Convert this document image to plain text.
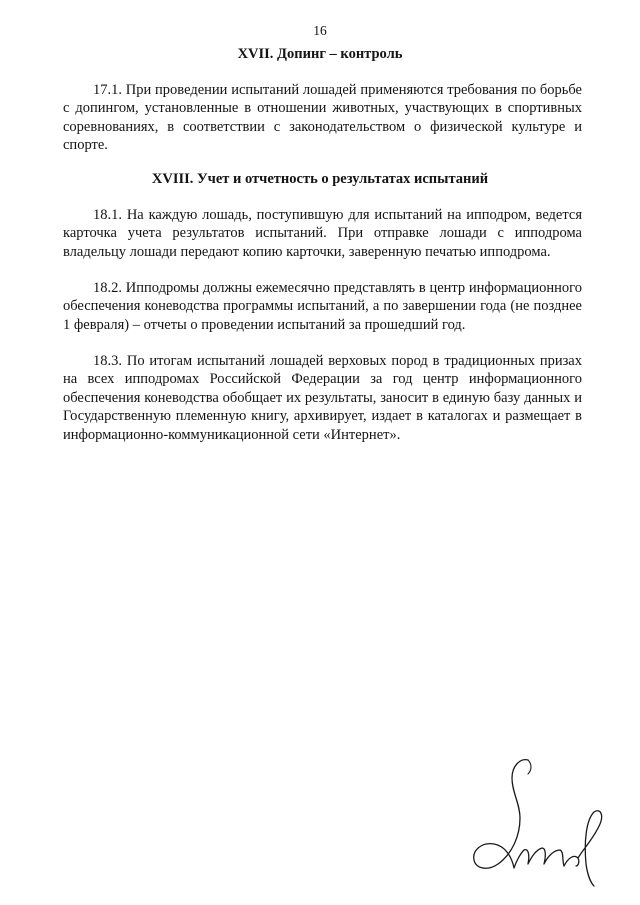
16
XVII. Допинг – контроль

17.1. При проведении испытаний лошадей применяются требования по борьбе с допингом, установленные в отношении животных, участвующих в спортивных соревнованиях, в соответствии с законодательством о физической культуре и спорте.

XVIII. Учет и отчетность о результатах испытаний

18.1. На каждую лошадь, поступившую для испытаний на ипподром, ведется карточка учета результатов испытаний. При отправке лошади с ипподрома владельцу лошади передают копию карточки, заверенную печатью ипподрома.

18.2. Ипподромы должны ежемесячно представлять в центр информационного обеспечения коневодства программы испытаний, а по завершении года (не позднее 1 февраля) – отчеты о проведении испытаний за прошедший год.

18.3. По итогам испытаний лошадей верховых пород в традиционных призах на всех ипподромах Российской Федерации за год центр информационного обеспечения коневодства обобщает их результаты, заносит в единую базу данных и Государственную племенную книгу, архивирует, издает в каталогах и размещает в информационно-коммуникационной сети «Интернет».
